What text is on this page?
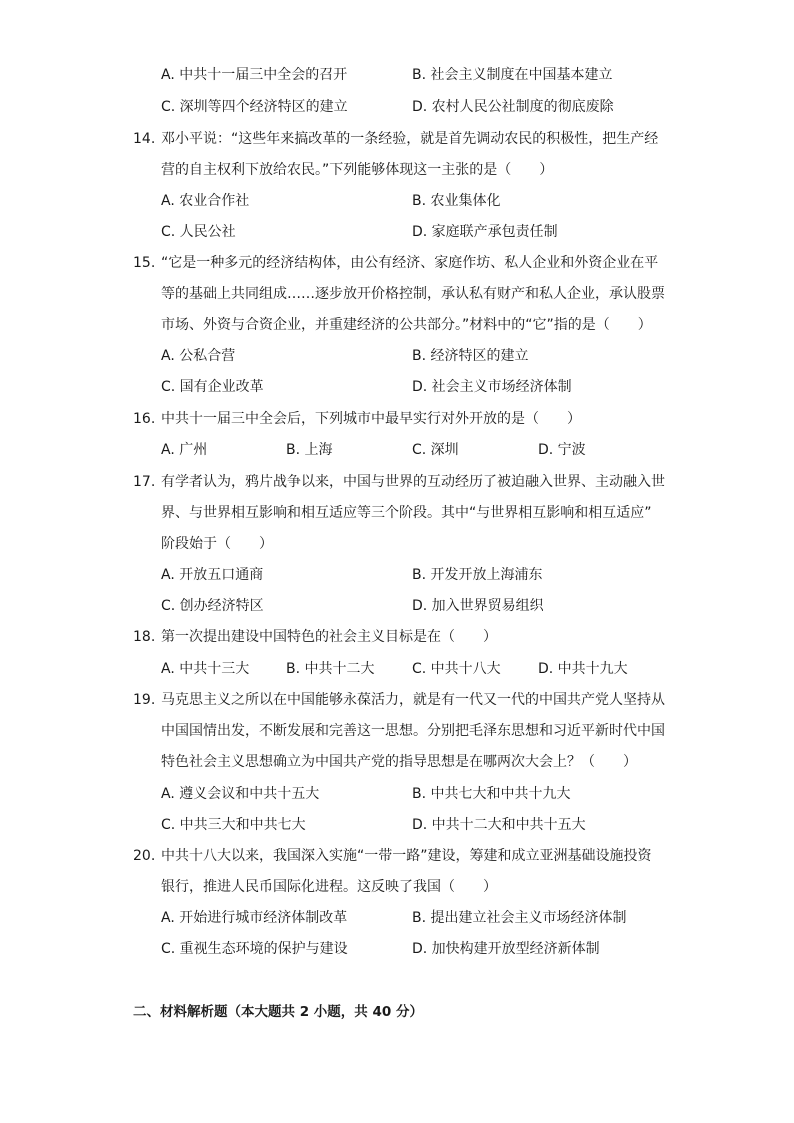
A. 中共十一届三中全会的召开	B. 社会主义制度在中国基本建立
C. 深圳等四个经济特区的建立	D. 农村人民公社制度的彻底废除
14. 邓小平说：“这些年来搞改革的一条经验，就是首先调动农民的积极性，把生产经
营的自主权利下放给农民。”下列能够体现这一主张的是（　　）
A. 农业合作社	B. 农业集体化
C. 人民公社	D. 家庭联产承包责任制
15. “它是一种多元的经济结构体，由公有经济、家庭作坊、私人企业和外资企业在平
等的基础上共同组成……逐步放开价格控制，承认私有财产和私人企业，承认股票
市场、外资与合资企业，并重建经济的公共部分。”材料中的“它”指的是（　　）
A. 公私合营	B. 经济特区的建立
C. 国有企业改革	D. 社会主义市场经济体制
16. 中共十一届三中全会后，下列城市中最早实行对外开放的是（　　）
A. 广州	B. 上海	C. 深圳	D. 宁波
17. 有学者认为，鸦片战争以来，中国与世界的互动经历了被迫融入世界、主动融入世
界、与世界相互影响和相互适应等三个阶段。其中“与世界相互影响和相互适应”
阶段始于（　　）
A. 开放五口通商	B. 开发开放上海浦东
C. 创办经济特区	D. 加入世界贸易组织
18. 第一次提出建设中国特色的社会主义目标是在（　　）
A. 中共十三大	B. 中共十二大	C. 中共十八大	D. 中共十九大
19. 马克思主义之所以在中国能够永葆活力，就是有一代又一代的中国共产党人坚持从
中国国情出发，不断发展和完善这一思想。分别把毛泽东思想和习近平新时代中国
特色社会主义思想确立为中国共产党的指导思想是在哪两次大会上？（　　）
A. 遵义会议和中共十五大	B. 中共七大和中共十九大
C. 中共三大和中共七大	D. 中共十二大和中共十五大
20. 中共十八大以来，我国深入实施“一带一路”建设，筹建和成立亚洲基础设施投资
银行，推进人民币国际化进程。这反映了我国（　　）
A. 开始进行城市经济体制改革	B. 提出建立社会主义市场经济体制
C. 重视生态环境的保护与建设	D. 加快构建开放型经济新体制
二、材料解析题（本大题共 2 小题，共 40 分）
